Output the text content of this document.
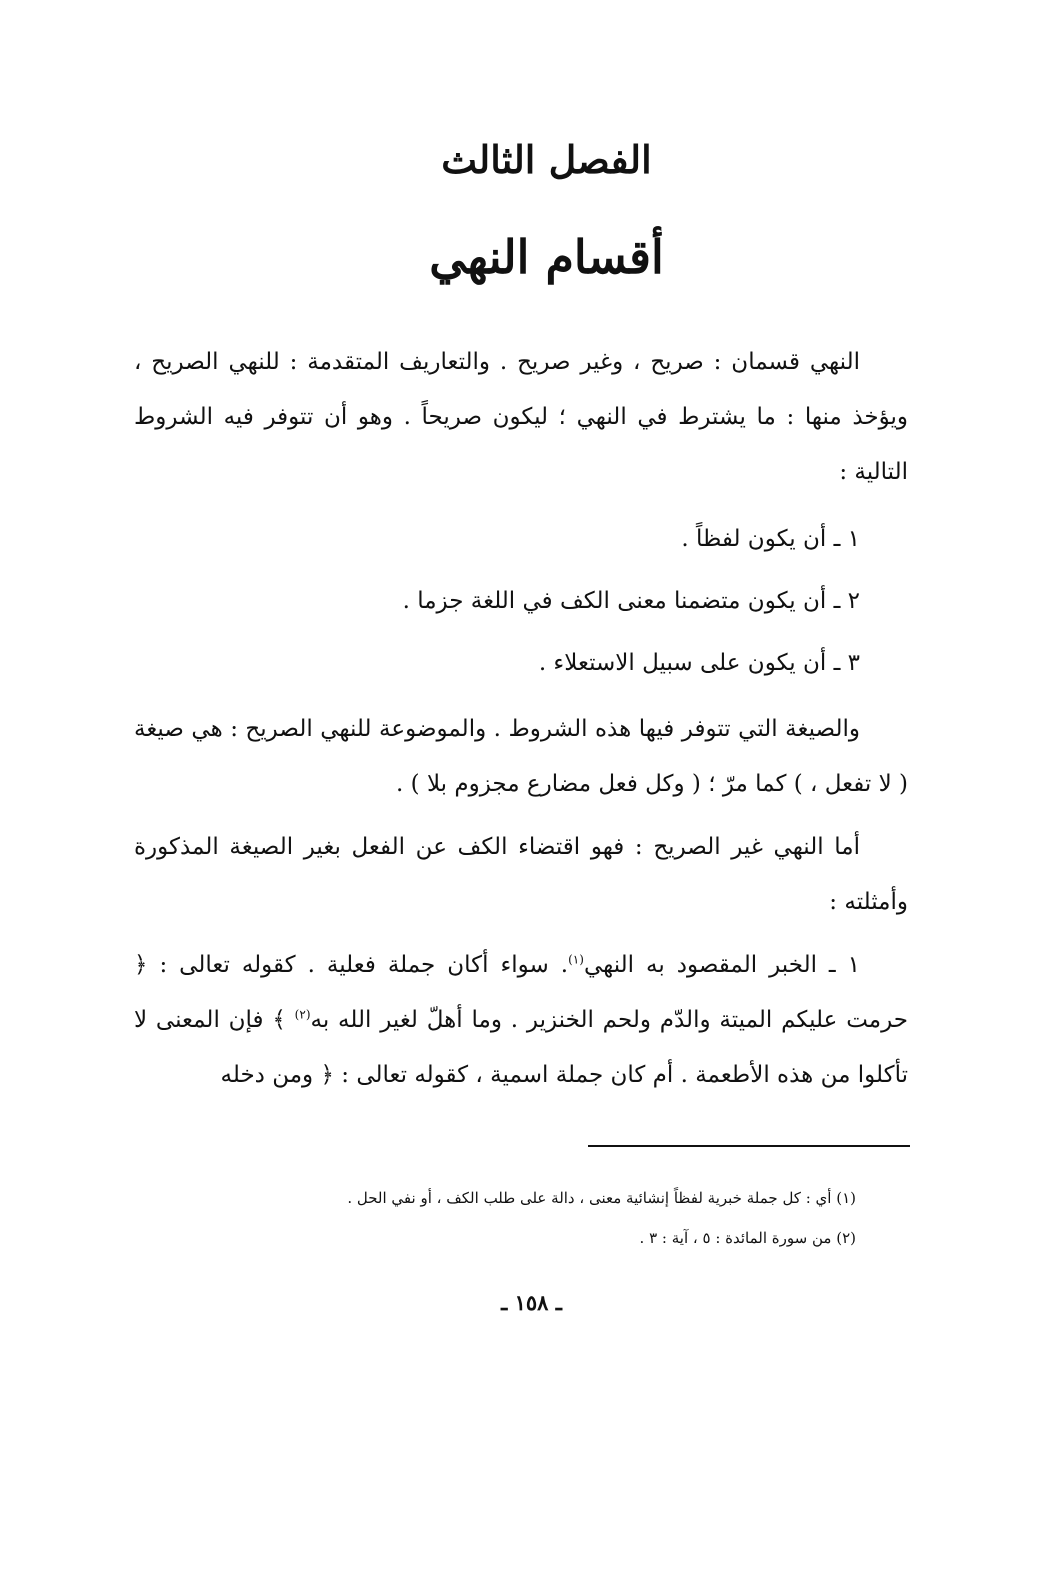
الفصل الثالث
أقسام النهي

النهي قسمان : صريح ، وغير صريح . والتعاريف المتقدمة : للنهي الصريح ، ويؤخذ منها : ما يشترط في النهي ؛ ليكون صريحاً . وهو أن تتوفر فيه الشروط التالية :

١ ـ أن يكون لفظاً .

٢ ـ أن يكون متضمنا معنى الكف في اللغة جزما .

٣ ـ أن يكون على سبيل الاستعلاء .

والصيغة التي تتوفر فيها هذه الشروط . والموضوعة للنهي الصريح : هي صيغة ( لا تفعل ، ) كما مرّ ؛ ( وكل فعل مضارع مجزوم بلا ) .

أما النهي غير الصريح : فهو اقتضاء الكف عن الفعل بغير الصيغة المذكورة وأمثلته :

١ ـ الخبر المقصود به النهي$^{(١)}$. سواء أكان جملة فعلية . كقوله تعالى : ﴿ حرمت عليكم الميتة والدّم ولحم الخنزير . وما أهلّ لغير الله به$^{(٢)}$ ﴾ فإن المعنى لا تأكلوا من هذه الأطعمة . أم كان جملة اسمية ، كقوله تعالى : ﴿ ومن دخله

(١) أي : كل جملة خبرية لفظاً إنشائية معنى ، دالة على طلب الكف ، أو نفي الحل .

(٢) من سورة المائدة : ٥ ، آية : ٣ .

ـ ١٥٨ ـ
